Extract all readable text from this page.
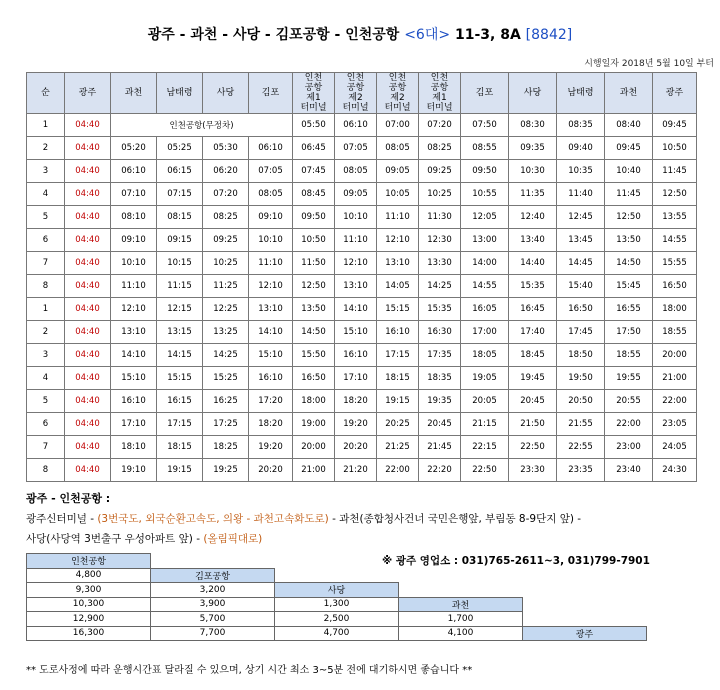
광주 - 과천 - 사당 - 김포공항 - 인천공항 <6대> 11-3, 8A [8842]
시행일자 2018년 5월 10일 부터
순	광주	과천	남태령	사당	김포	인천
공항
제1
터미널	인천
공항
제2
터미널	인천
공항
제2
터미널	인천
공항
제1
터미널	김포	사당	남태령	과천	광주
1	04:40	인천공항(무정차)				05:50	06:10	07:00	07:20	07:50	08:30	08:35	08:40	09:45
2	04:40	05:20	05:25	05:30	06:10	06:45	07:05	08:05	08:25	08:55	09:35	09:40	09:45	10:50
3	04:40	06:10	06:15	06:20	07:05	07:45	08:05	09:05	09:25	09:50	10:30	10:35	10:40	11:45
4	04:40	07:10	07:15	07:20	08:05	08:45	09:05	10:05	10:25	10:55	11:35	11:40	11:45	12:50
5	04:40	08:10	08:15	08:25	09:10	09:50	10:10	11:10	11:30	12:05	12:40	12:45	12:50	13:55
6	04:40	09:10	09:15	09:25	10:10	10:50	11:10	12:10	12:30	13:00	13:40	13:45	13:50	14:55
7	04:40	10:10	10:15	10:25	11:10	11:50	12:10	13:10	13:30	14:00	14:40	14:45	14:50	15:55
8	04:40	11:10	11:15	11:25	12:10	12:50	13:10	14:05	14:25	14:55	15:35	15:40	15:45	16:50
1	04:40	12:10	12:15	12:25	13:10	13:50	14:10	15:15	15:35	16:05	16:45	16:50	16:55	18:00
2	04:40	13:10	13:15	13:25	14:10	14:50	15:10	16:10	16:30	17:00	17:40	17:45	17:50	18:55
3	04:40	14:10	14:15	14:25	15:10	15:50	16:10	17:15	17:35	18:05	18:45	18:50	18:55	20:00
4	04:40	15:10	15:15	15:25	16:10	16:50	17:10	18:15	18:35	19:05	19:45	19:50	19:55	21:00
5	04:40	16:10	16:15	16:25	17:20	18:00	18:20	19:15	19:35	20:05	20:45	20:50	20:55	22:00
6	04:40	17:10	17:15	17:25	18:20	19:00	19:20	20:25	20:45	21:15	21:50	21:55	22:00	23:05
7	04:40	18:10	18:15	18:25	19:20	20:00	20:20	21:25	21:45	22:15	22:50	22:55	23:00	24:05
8	04:40	19:10	19:15	19:25	20:20	21:00	21:20	22:00	22:20	22:50	23:30	23:35	23:40	24:30
광주 - 인천공항 :
광주신터미널 - (3번국도, 외국순환고속도, 의왕 - 과천고속화도로) - 과천(종합청사건너 국민은행앞, 부림동 8-9단지 앞) -
사당(사당역 3번출구 우성아파트 앞) - (올림픽대로)
※ 광주 영업소 : 031)765-2611~3, 031)799-7901
인천공항				
4,800	김포공항			
9,300	3,200	사당		
10,300	3,900	1,300	과천	
12,900	5,700	2,500	1,700	
16,300	7,700	4,700	4,100	광주
** 도로사정에 따라 운행시간표 달라질 수 있으며, 상기 시간 최소 3~5분 전에 대기하시면 좋습니다 **
